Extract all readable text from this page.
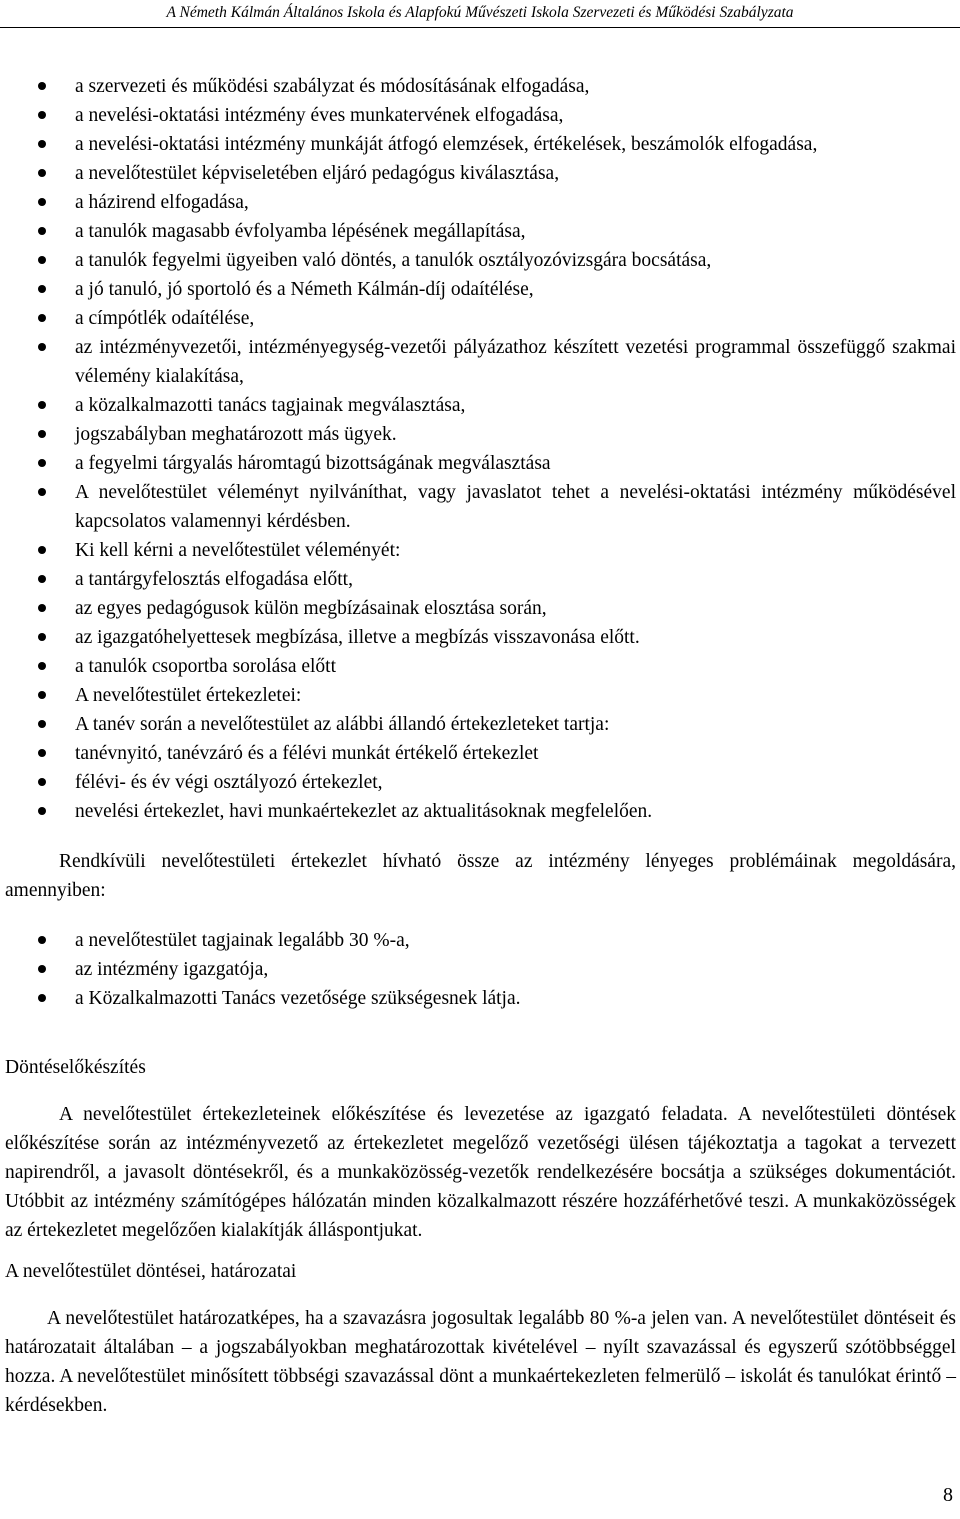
A Németh Kálmán Általános Iskola és Alapfokú Művészeti Iskola Szervezeti és Működési Szabályzata
a szervezeti és működési szabályzat és módosításának elfogadása,
a nevelési-oktatási intézmény éves munkatervének elfogadása,
a nevelési-oktatási intézmény munkáját átfogó elemzések, értékelések, beszámolók elfogadása,
a nevelőtestület képviseletében eljáró pedagógus kiválasztása,
a házirend elfogadása,
a tanulók magasabb évfolyamba lépésének megállapítása,
a tanulók fegyelmi ügyeiben való döntés, a tanulók osztályozóvizsgára bocsátása,
a jó tanuló, jó sportoló és a Németh Kálmán-díj odaítélése,
a címpótlék odaítélése,
az intézményvezetői, intézményegység-vezetői pályázathoz készített vezetési programmal összefüggő szakmai vélemény kialakítása,
a közalkalmazotti tanács tagjainak megválasztása,
jogszabályban meghatározott más ügyek.
a fegyelmi tárgyalás háromtagú bizottságának megválasztása
A nevelőtestület véleményt nyilváníthat, vagy javaslatot tehet a nevelési-oktatási intézmény működésével kapcsolatos valamennyi kérdésben.
Ki kell kérni a nevelőtestület véleményét:
a tantárgyfelosztás elfogadása előtt,
az egyes pedagógusok külön megbízásainak elosztása során,
az igazgatóhelyettesek megbízása, illetve a megbízás visszavonása előtt.
a tanulók csoportba sorolása előtt
A nevelőtestület értekezletei:
A tanév során a nevelőtestület az alábbi állandó értekezleteket tartja:
tanévnyitó, tanévzáró és a félévi munkát értékelő értekezlet
félévi- és év végi osztályozó értekezlet,
nevelési értekezlet, havi munkaértekezlet az aktualitásoknak megfelelően.

Rendkívüli nevelőtestületi értekezlet hívható össze az intézmény lényeges problémáinak megoldására, amennyiben:

a nevelőtestület tagjainak legalább 30 %-a,
az intézmény igazgatója,
a Közalkalmazotti Tanács vezetősége szükségesnek látja.

Döntéselőkészítés

A nevelőtestület értekezleteinek előkészítése és levezetése az igazgató feladata. A nevelőtestületi döntések előkészítése során az intézményvezető az értekezletet megelőző vezetőségi ülésen tájékoztatja a tagokat a tervezett napirendről, a javasolt döntésekről, és a munkaközösség-vezetők rendelkezésére bocsátja a szükséges dokumentációt. Utóbbit az intézmény számítógépes hálózatán minden közalkalmazott részére hozzáférhetővé teszi. A munkaközösségek az értekezletet megelőzően kialakítják álláspontjukat.

A nevelőtestület döntései, határozatai

A nevelőtestület határozatképes, ha a szavazásra jogosultak legalább 80 %-a jelen van. A nevelőtestület döntéseit és határozatait általában – a jogszabályokban meghatározottak kivételével – nyílt szavazással és egyszerű szótöbbséggel hozza. A nevelőtestület minősített többségi szavazással dönt a munkaértekezleten felmerülő – iskolát és tanulókat érintő – kérdésekben.

8
